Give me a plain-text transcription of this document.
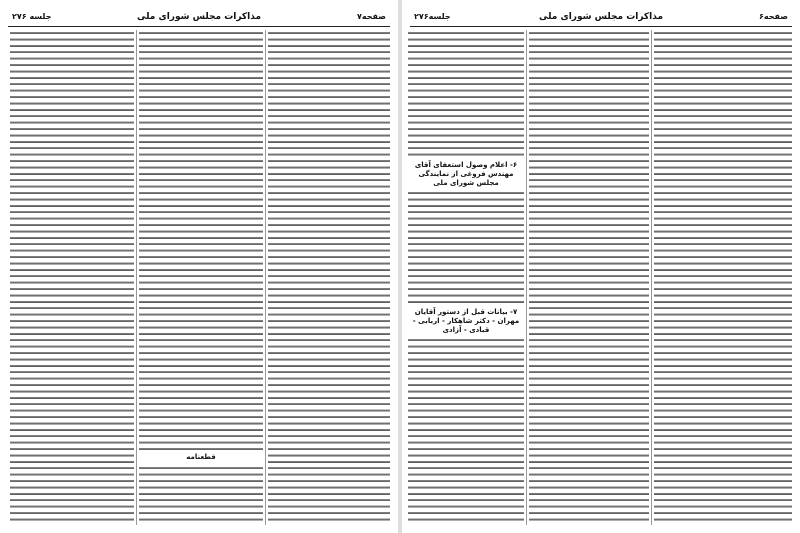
صفحه۷
مذاکرات مجلس شورای ملی
جلسه ۲۷۶
قطعنامه
صفحه۶
مذاکرات مجلس شورای ملی
جلسه۲۷۶
۶- اعلام وصول استعفای آقای مهندس فروغی از نمایندگی مجلس شورای ملی
۷- بیانات قبل از دستور آقایان مهران - دکتر شاهکار - اربابی - قبادی - آزادی
